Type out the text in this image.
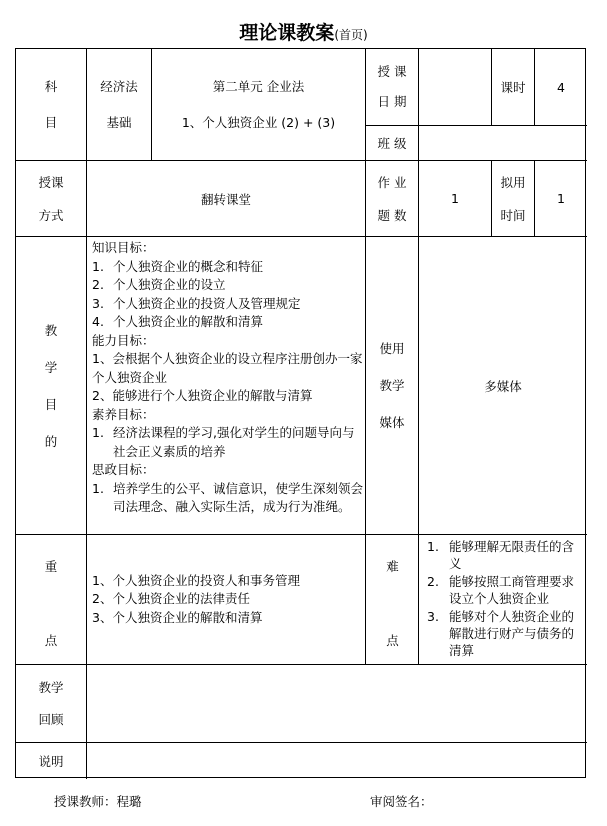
理论课教案(首页)
科
目
经济法
基础
第二单元 企业法
1、个人独资企业 (2) + (3)
授 课
日 期
课时	4
班 级
授课
方式
翻转课堂
作 业
题 数
1
拟用
时间
1
教
学
目
的
知识目标：
1. 个人独资企业的概念和特征
2. 个人独资企业的设立
3. 个人独资企业的投资人及管理规定
4. 个人独资企业的解散和清算
能力目标：
1、会根据个人独资企业的设立程序注册创办一家个人独资企业
2、能够进行个人独资企业的解散与清算
素养目标：
1. 经济法课程的学习,强化对学生的问题导向与社会正义素质的培养
思政目标：
1. 培养学生的公平、诚信意识，使学生深刻领会司法理念、融入实际生活，成为行为准绳。
使用
教学
媒体
多媒体
重
点
1、个人独资企业的投资人和事务管理
2、个人独资企业的法律责任
3、个人独资企业的解散和清算
难
点
1. 能够理解无限责任的含义
2. 能够按照工商管理要求设立个人独资企业
3. 能够对个人独资企业的解散进行财产与债务的清算
教学
回顾
说明
授课教师：程璐	审阅签名：
